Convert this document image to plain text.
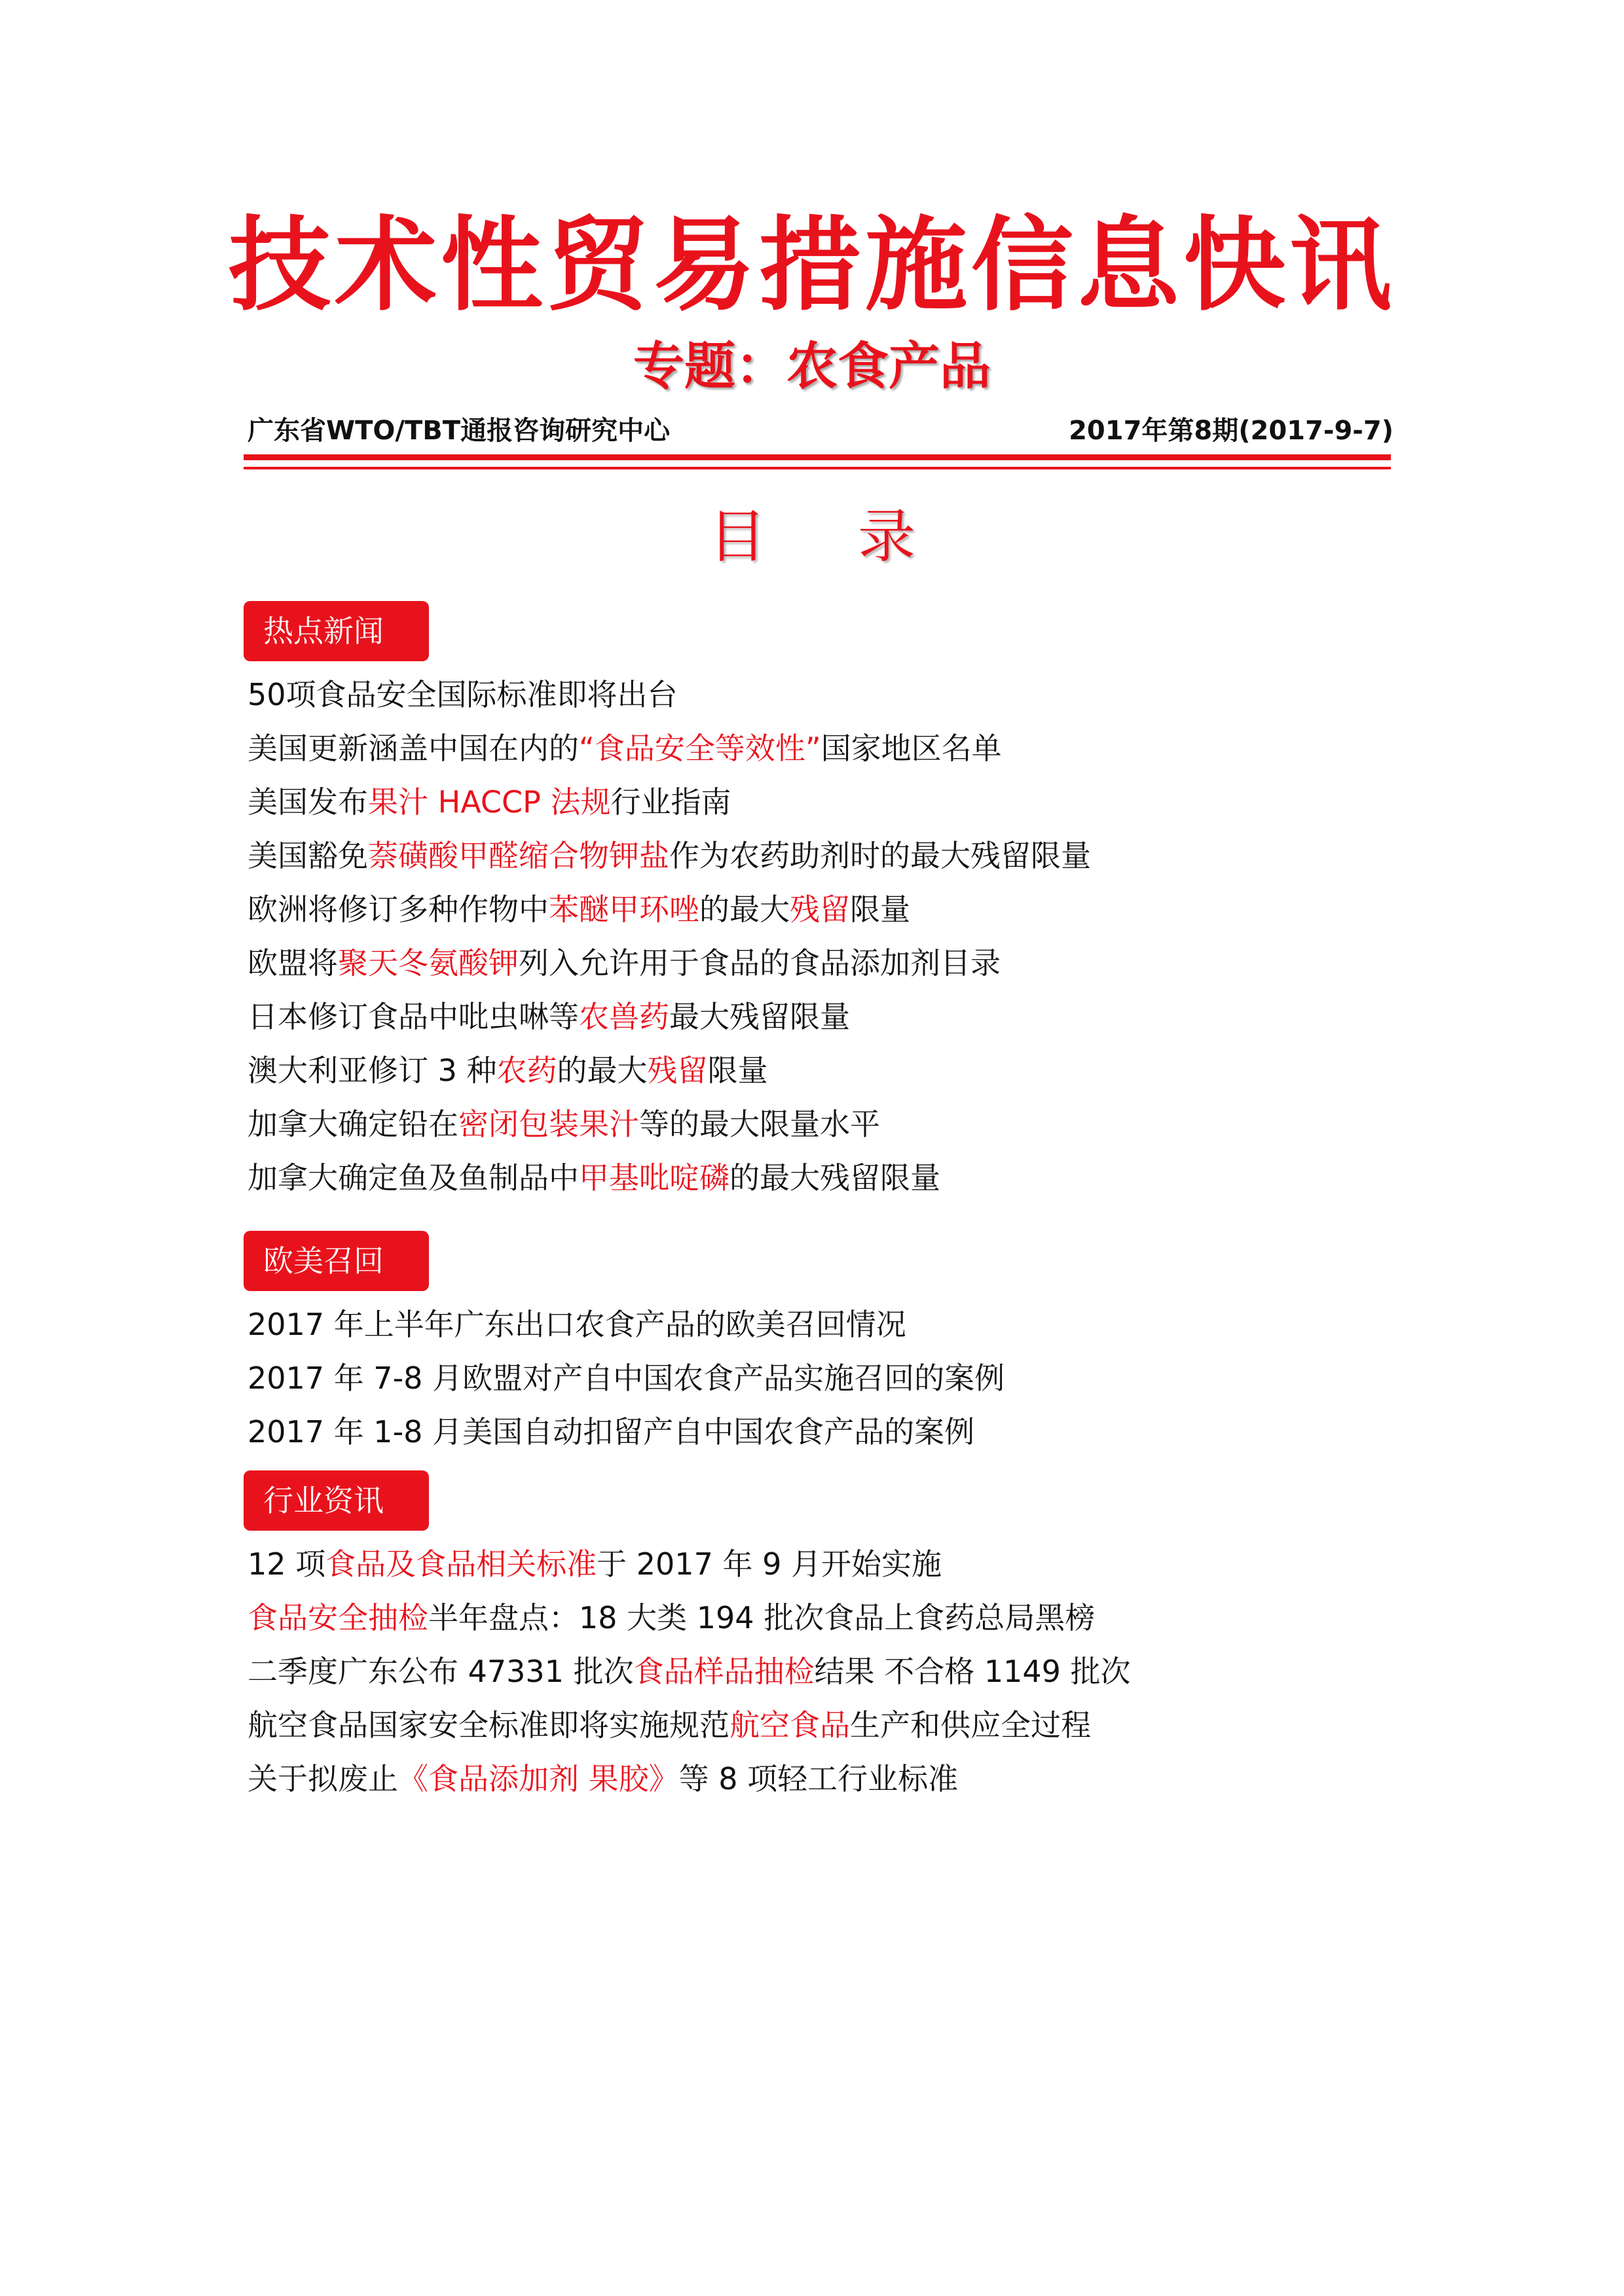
技术性贸易措施信息快讯
专题：农食产品
广东省WTO/TBT通报咨询研究中心	2017年第8期(2017-9-7)
目 录
热点新闻
50项食品安全国际标准即将出台
美国更新涵盖中国在内的“食品安全等效性”国家地区名单
美国发布果汁 HACCP 法规行业指南
美国豁免萘磺酸甲醛缩合物钾盐作为农药助剂时的最大残留限量
欧洲将修订多种作物中苯醚甲环唑的最大残留限量
欧盟将聚天冬氨酸钾列入允许用于食品的食品添加剂目录
日本修订食品中吡虫啉等农兽药最大残留限量
澳大利亚修订 3 种农药的最大残留限量
加拿大确定铅在密闭包装果汁等的最大限量水平
加拿大确定鱼及鱼制品中甲基吡啶磷的最大残留限量
欧美召回
2017 年上半年广东出口农食产品的欧美召回情况
2017 年 7-8 月欧盟对产自中国农食产品实施召回的案例
2017 年 1-8 月美国自动扣留产自中国农食产品的案例
行业资讯
12 项食品及食品相关标准于 2017 年 9 月开始实施
食品安全抽检半年盘点：18 大类 194 批次食品上食药总局黑榜
二季度广东公布 47331 批次食品样品抽检结果 不合格 1149 批次
航空食品国家安全标准即将实施规范航空食品生产和供应全过程
关于拟废止《食品添加剂 果胶》等 8 项轻工行业标准
